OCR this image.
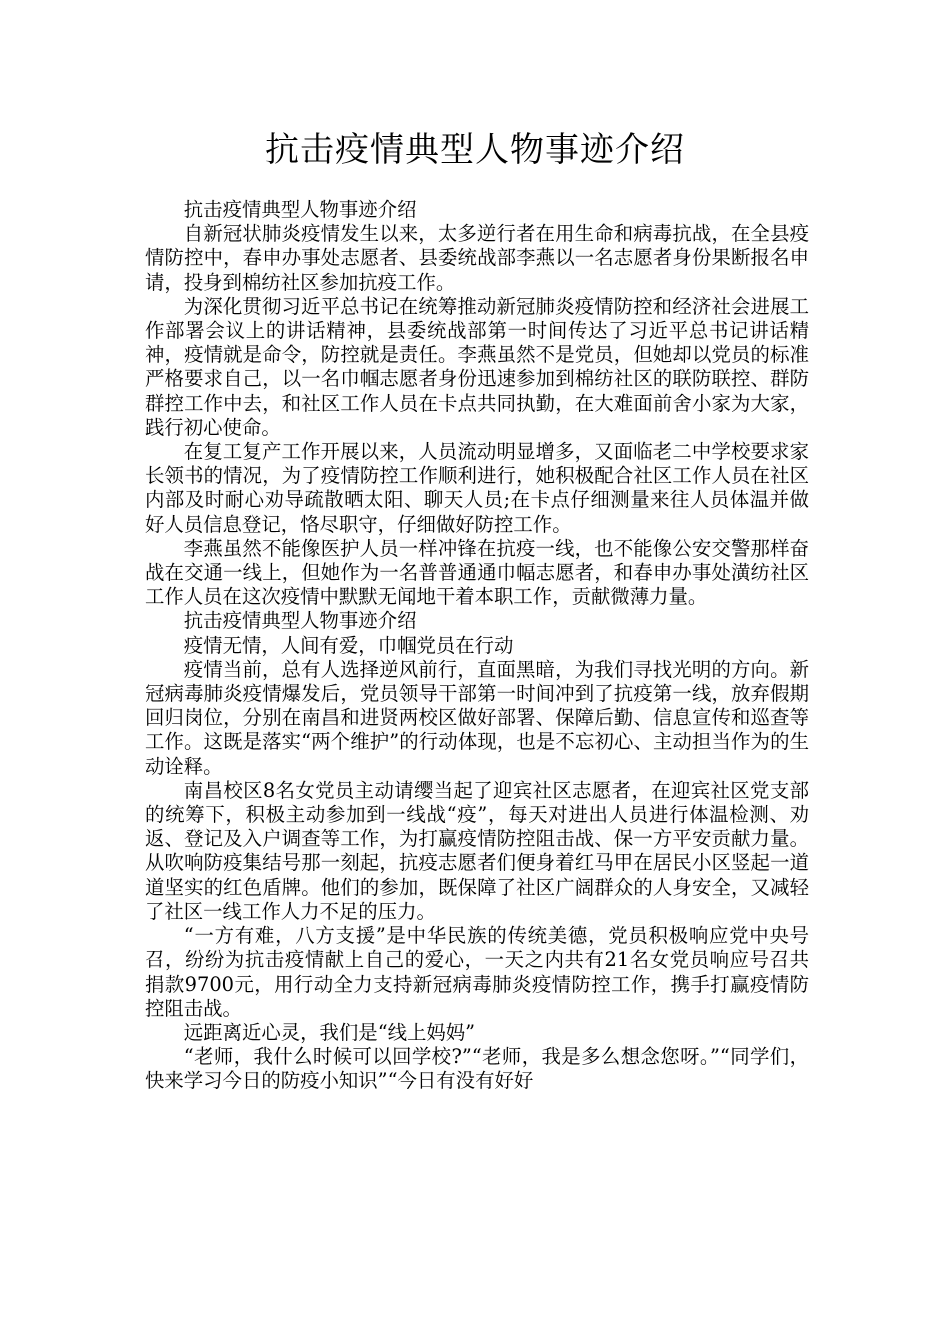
抗击疫情典型人物事迹介绍

抗击疫情典型人物事迹介绍

自新冠状肺炎疫情发生以来，太多逆行者在用生命和病毒抗战，在全县疫情防控中，春申办事处志愿者、县委统战部李燕以一名志愿者身份果断报名申请，投身到棉纺社区参加抗疫工作。

为深化贯彻习近平总书记在统筹推动新冠肺炎疫情防控和经济社会进展工作部署会议上的讲话精神，县委统战部第一时间传达了习近平总书记讲话精神，疫情就是命令，防控就是责任。李燕虽然不是党员，但她却以党员的标准严格要求自己，以一名巾帼志愿者身份迅速参加到棉纺社区的联防联控、群防群控工作中去，和社区工作人员在卡点共同执勤，在大难面前舍小家为大家，践行初心使命。

在复工复产工作开展以来，人员流动明显增多，又面临老二中学校要求家长领书的情况，为了疫情防控工作顺利进行，她积极配合社区工作人员在社区内部及时耐心劝导疏散晒太阳、聊天人员;在卡点仔细测量来往人员体温并做好人员信息登记，恪尽职守，仔细做好防控工作。

李燕虽然不能像医护人员一样冲锋在抗疫一线，也不能像公安交警那样奋战在交通一线上，但她作为一名普普通通巾幅志愿者，和春申办事处潢纺社区工作人员在这次疫情中默默无闻地干着本职工作，贡献微薄力量。

抗击疫情典型人物事迹介绍

疫情无情，人间有爱，巾帼党员在行动

疫情当前，总有人选择逆风前行，直面黑暗，为我们寻找光明的方向。新冠病毒肺炎疫情爆发后，党员领导干部第一时间冲到了抗疫第一线，放弃假期回归岗位，分别在南昌和进贤两校区做好部署、保障后勤、信息宣传和巡查等工作。这既是落实“两个维护”的行动体现，也是不忘初心、主动担当作为的生动诠释。

南昌校区8名女党员主动请缨当起了迎宾社区志愿者，在迎宾社区党支部的统筹下，积极主动参加到一线战“疫”，每天对进出人员进行体温检测、劝返、登记及入户调查等工作，为打赢疫情防控阻击战、保一方平安贡献力量。从吹响防疫集结号那一刻起，抗疫志愿者们便身着红马甲在居民小区竖起一道道坚实的红色盾牌。他们的参加，既保障了社区广阔群众的人身安全，又减轻了社区一线工作人力不足的压力。

“一方有难，八方支援”是中华民族的传统美德，党员积极响应党中央号召，纷纷为抗击疫情献上自己的爱心，一天之内共有21名女党员响应号召共捐款9700元，用行动全力支持新冠病毒肺炎疫情防控工作，携手打赢疫情防控阻击战。

远距离近心灵，我们是“线上妈妈”

“老师，我什么时候可以回学校?”“老师，我是多么想念您呀。”“同学们，快来学习今日的防疫小知识”“今日有没有好好
